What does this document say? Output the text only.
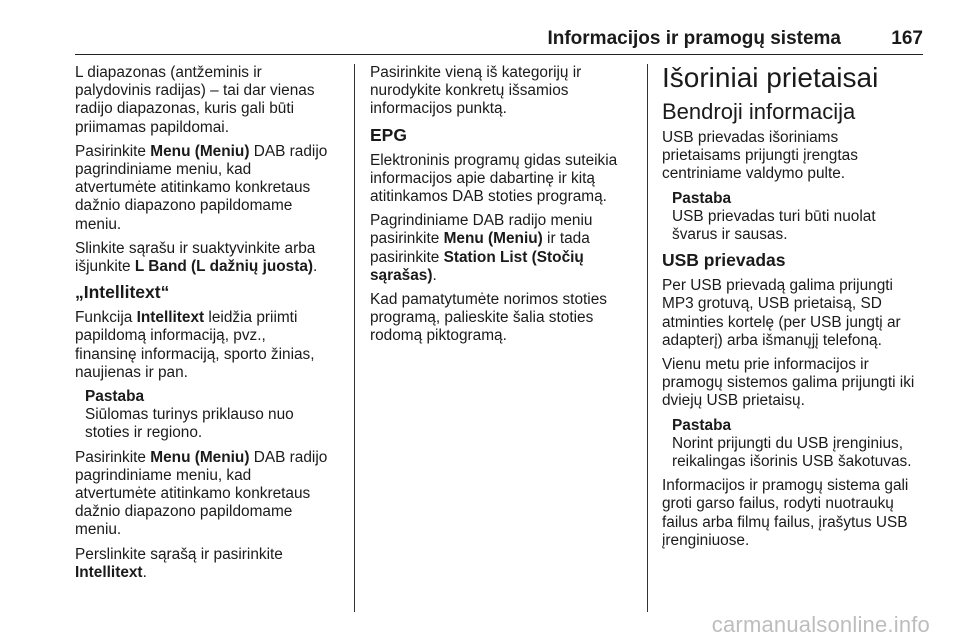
Informacijos ir pramogų sistema	167

L diapazonas (antžeminis ir
palydovinis radijas) – tai dar vienas
radijo diapazonas, kuris gali būti
priimamas papildomai.

Pasirinkite Menu (Meniu) DAB radijo
pagrindiniame meniu, kad
atvertumėte atitinkamo konkretaus
dažnio diapazono papildomame
meniu.

Slinkite sąrašu ir suaktyvinkite arba
išjunkite L Band (L dažnių juosta).

„Intellitext“

Funkcija Intellitext leidžia priimti
papildomą informaciją, pvz.,
finansinę informaciją, sporto žinias,
naujienas ir pan.

Pastaba
Siūlomas turinys priklauso nuo
stoties ir regiono.

Pasirinkite Menu (Meniu) DAB radijo
pagrindiniame meniu, kad
atvertumėte atitinkamo konkretaus
dažnio diapazono papildomame
meniu.

Perslinkite sąrašą ir pasirinkite
Intellitext.

Pasirinkite vieną iš kategorijų ir
nurodykite konkretų išsamios
informacijos punktą.

EPG

Elektroninis programų gidas suteikia
informacijos apie dabartinę ir kitą
atitinkamos DAB stoties programą.

Pagrindiniame DAB radijo meniu
pasirinkite Menu (Meniu) ir tada
pasirinkite Station List (Stočių
sąrašas).

Kad pamatytumėte norimos stoties
programą, palieskite šalia stoties
rodomą piktogramą.

Išoriniai prietaisai
Bendroji informacija

USB prievadas išoriniams
prietaisams prijungti įrengtas
centriniame valdymo pulte.

Pastaba
USB prievadas turi būti nuolat
švarus ir sausas.
USB prievadas

Per USB prievadą galima prijungti
MP3 grotuvą, USB prietaisą, SD
atminties kortelę (per USB jungtį ar
adapterį) arba išmanųjį telefoną.

Vienu metu prie informacijos ir
pramogų sistemos galima prijungti iki
dviejų USB prietaisų.

Pastaba
Norint prijungti du USB įrenginius,
reikalingas išorinis USB šakotuvas.

Informacijos ir pramogų sistema gali
groti garso failus, rodyti nuotraukų
failus arba filmų failus, įrašytus USB
įrenginiuose.

carmanualsonline.info
